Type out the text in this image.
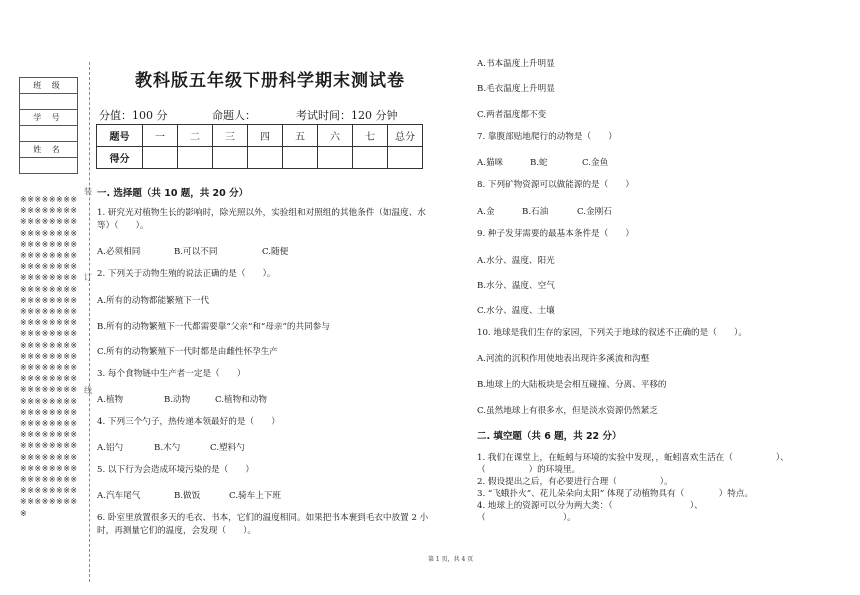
班 级

学 号

姓 名

※※※※※※※※※※※※※※※※※※※※※※※※※※※※※※※※※※※※※※※※※※※※※※※※※※※※※※※※※※※※※※※※※※※※※※※※※※※※※※※※※※※※※※※※※※※※※※※※※※※※※※※※※※※※※※※※※※※※※※※※※※※※※※※※※※※※※※※※※※※※※※※※※※※※※※※※※※※※※※※※※※※※※※※※※※※※※※※※※※※※※※※※※※※※※※※※※※※※※※※※※※※※※※※※※※※※※※※※※※※※※※※※※
装
订
线
教科版五年级下册科学期末测试卷
分值：100 分	命题人：	考试时间：120 分钟
题号	一	二	三	四	五	六	七	总分
得分								
一. 选择题（共 10 题，共 20 分）
1. 研究光对植物生长的影响时，除光照以外，实验组和对照组的其他条件（如温度、水等）（　　）。
A.必须相同	B.可以不同	C.随便
2. 下列关于动物生殖的说法正确的是（　　）。
A.所有的动物都能繁殖下一代
B.所有的动物繁殖下一代都需要靠“父亲”和“母亲”的共同参与
C.所有的动物繁殖下一代时都是由雌性怀孕生产
3. 每个食物链中生产者一定是（　　）
A.植物	B.动物	C.植物和动物
4. 下列三个勺子，热传递本领最好的是（　　）
A.铝勺	B.木勺	C.塑料勺
5. 以下行为会造成环境污染的是（　　）
A.汽车尾气	B.做饭	C.骑车上下班
6. 卧室里放置很多天的毛衣、书本，它们的温度相同。如果把书本裹到毛衣中放置 2 小时，再测量它们的温度，会发现（　　）。
A.书本温度上升明显
B.毛衣温度上升明显
C.两者温度都不变
7. 靠腹部贴地爬行的动物是（　　）
A.猫咪	B.蛇	C.金鱼
8. 下列矿物资源可以做能源的是（　　）
A.金	B.石油	C.金刚石
9. 种子发芽需要的最基本条件是（　　）
A.水分、温度、阳光
B.水分、温度、空气
C.水分、温度、土壤
10. 地球是我们生存的家园，下列关于地球的叙述不正确的是（　　）。
A.河流的沉积作用使地表出现许多溪流和沟壑
B.地球上的大陆板块是会相互碰撞、分离、平移的
C.虽然地球上有很多水，但是淡水资源仍然紧乏
二. 填空题（共 6 题，共 22 分）
1. 我们在课堂上，在蚯蚓与环境的实验中发现，，蚯蚓喜欢生活在（　　　　　）、
（　　　　　）的环境里。
2. 假设提出之后，有必要进行合理（　　　　　）。
3. “飞蛾扑火”、花儿朵朵向太阳” 体现了动植物具有（　　　　）特点。
4. 地球上的资源可以分为两大类：（　　　　　　　　　）、
（　　　　　　　　　）。
第 1 页，共 4 页
